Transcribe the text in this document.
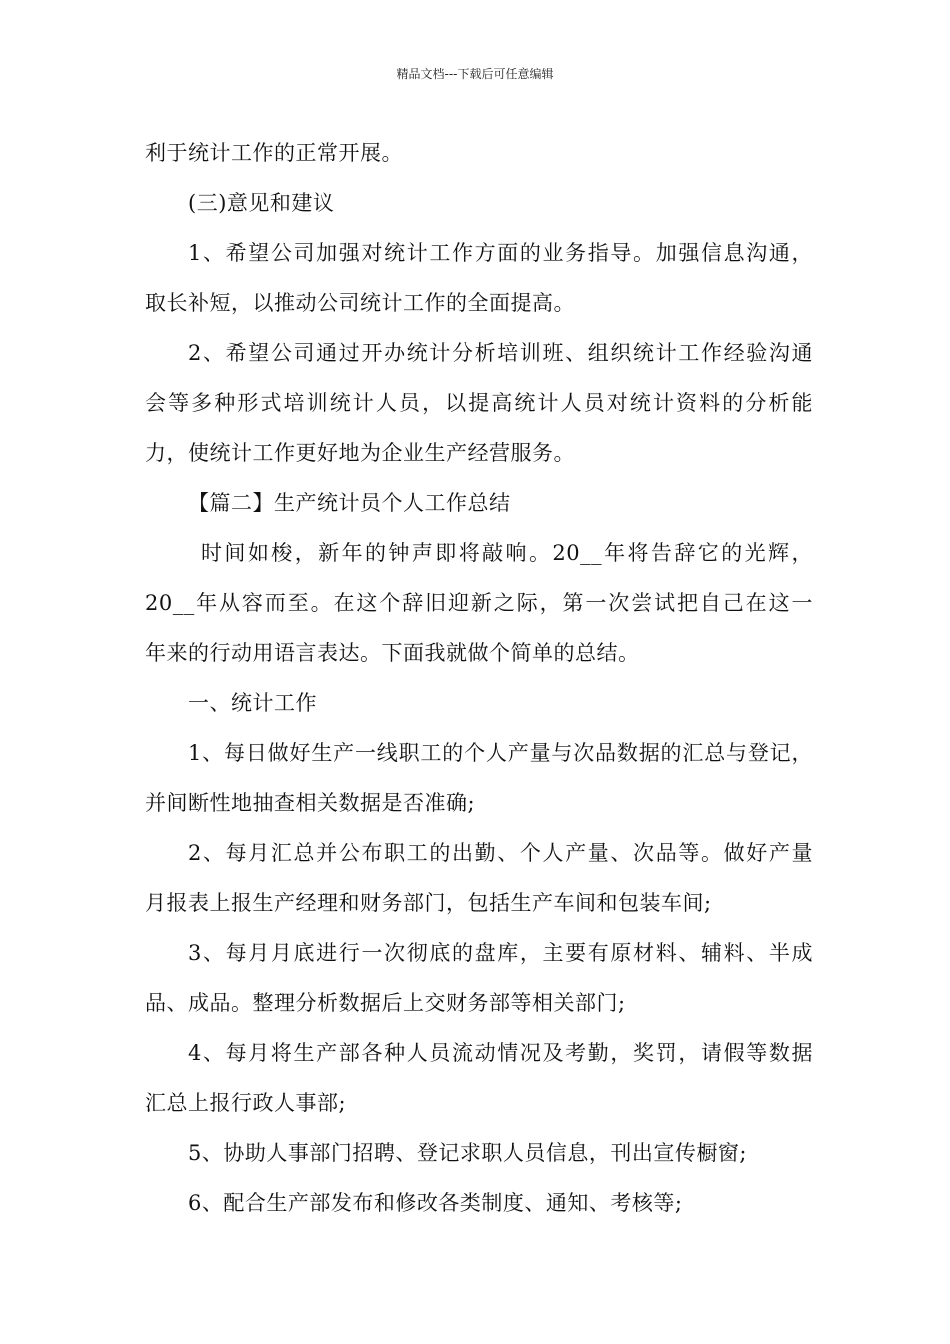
精品文档---下载后可任意编辑
利于统计工作的正常开展。
(三)意见和建议
1、希望公司加强对统计工作方面的业务指导。加强信息沟通，
取长补短，以推动公司统计工作的全面提高。
2、希望公司通过开办统计分析培训班、组织统计工作经验沟通
会等多种形式培训统计人员，以提高统计人员对统计资料的分析能
力，使统计工作更好地为企业生产经营服务。
【篇二】生产统计员个人工作总结
时间如梭，新年的钟声即将敲响。20__年将告辞它的光辉，
20__年从容而至。在这个辞旧迎新之际，第一次尝试把自己在这一
年来的行动用语言表达。下面我就做个简单的总结。
一、统计工作
1、每日做好生产一线职工的个人产量与次品数据的汇总与登记，
并间断性地抽查相关数据是否准确;
2、每月汇总并公布职工的出勤、个人产量、次品等。做好产量
月报表上报生产经理和财务部门，包括生产车间和包装车间;
3、每月月底进行一次彻底的盘库，主要有原材料、辅料、半成
品、成品。整理分析数据后上交财务部等相关部门;
4、每月将生产部各种人员流动情况及考勤，奖罚，请假等数据
汇总上报行政人事部;
5、协助人事部门招聘、登记求职人员信息，刊出宣传橱窗;
6、配合生产部发布和修改各类制度、通知、考核等;
